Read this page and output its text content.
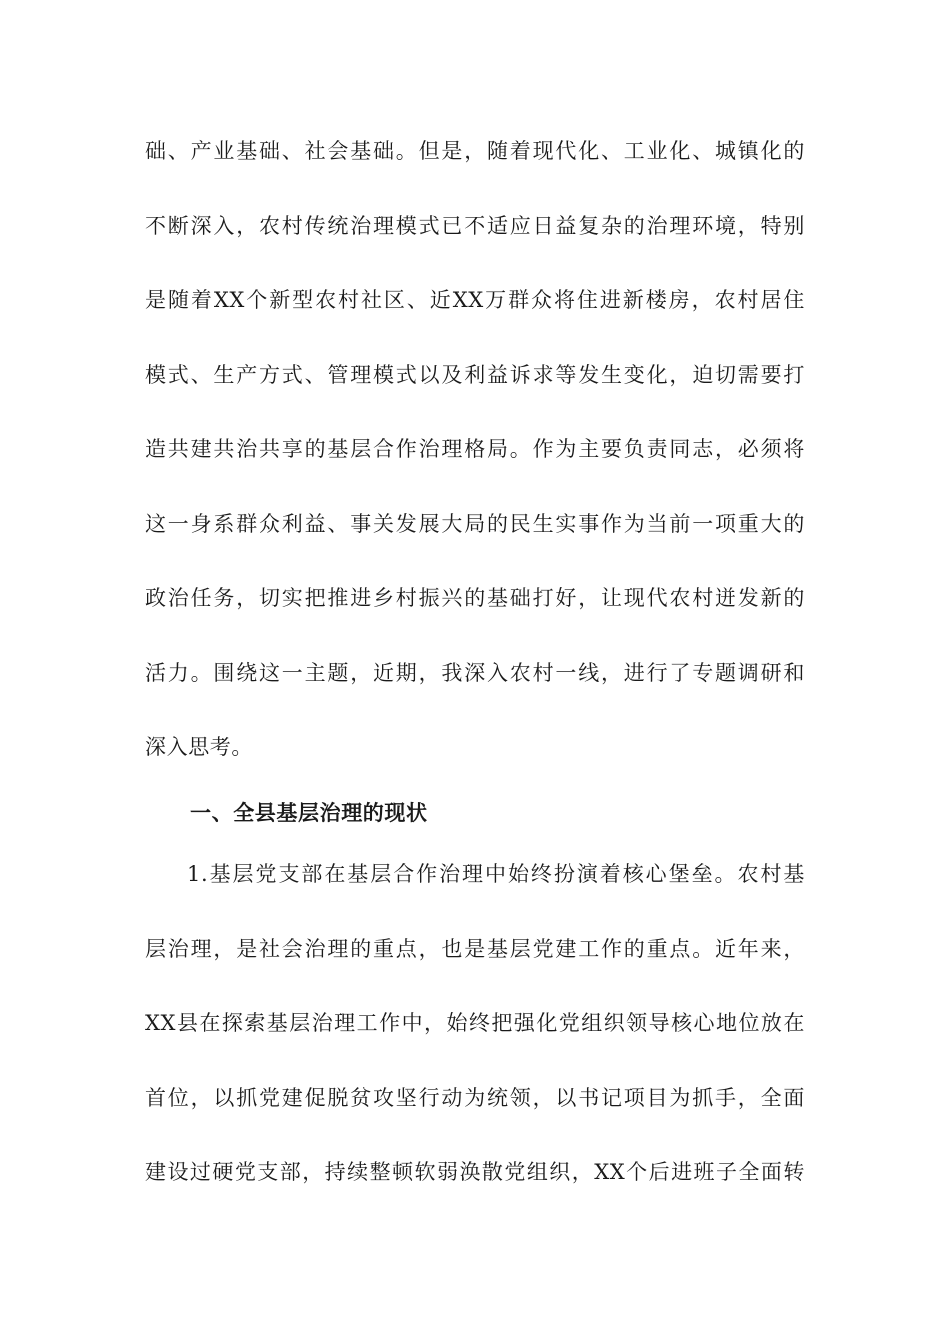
础、产业基础、社会基础。但是，随着现代化、工业化、城镇化的
不断深入，农村传统治理模式已不适应日益复杂的治理环境，特别
是随着XX个新型农村社区、近XX万群众将住进新楼房，农村居住
模式、生产方式、管理模式以及利益诉求等发生变化，迫切需要打
造共建共治共享的基层合作治理格局。作为主要负责同志，必须将
这一身系群众利益、事关发展大局的民生实事作为当前一项重大的
政治任务，切实把推进乡村振兴的基础打好，让现代农村迸发新的
活力。围绕这一主题，近期，我深入农村一线，进行了专题调研和
深入思考。
一、全县基层治理的现状
1.基层党支部在基层合作治理中始终扮演着核心堡垒。农村基
层治理，是社会治理的重点，也是基层党建工作的重点。近年来，
XX县在探索基层治理工作中，始终把强化党组织领导核心地位放在
首位，以抓党建促脱贫攻坚行动为统领，以书记项目为抓手，全面
建设过硬党支部，持续整顿软弱涣散党组织，XX个后进班子全面转
